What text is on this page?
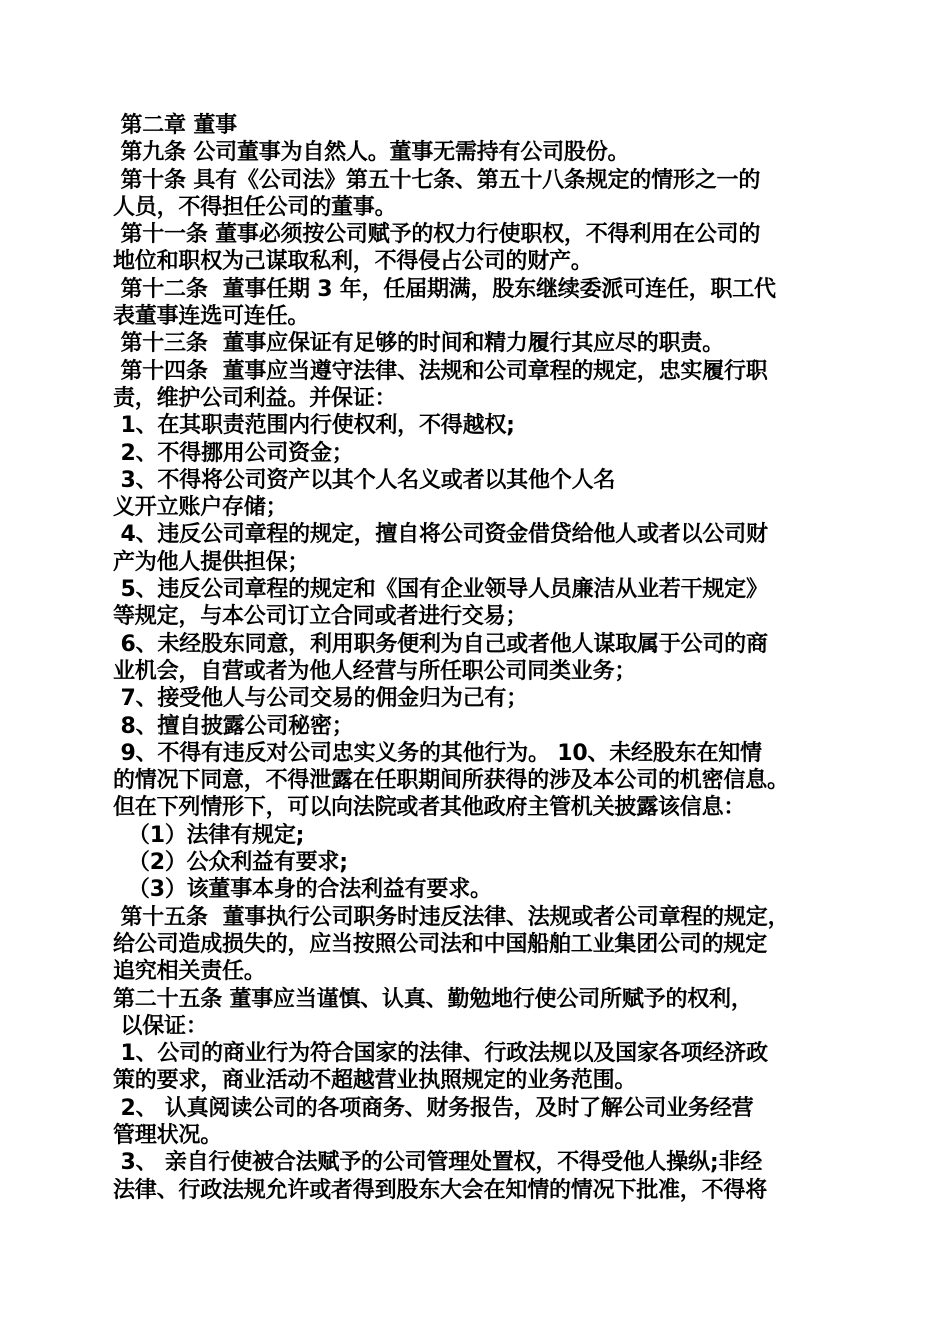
第二章 董事
第九条 公司董事为自然人。董事无需持有公司股份。
第十条 具有《公司法》第五十七条、第五十八条规定的情形之一的
人员，不得担任公司的董事。
第十一条 董事必须按公司赋予的权力行使职权，不得利用在公司的
地位和职权为己谋取私利，不得侵占公司的财产。
第十二条  董事任期 3 年，任届期满，股东继续委派可连任，职工代
表董事连选可连任。
第十三条  董事应保证有足够的时间和精力履行其应尽的职责。
第十四条  董事应当遵守法律、法规和公司章程的规定，忠实履行职
责，维护公司利益。并保证：
1、在其职责范围内行使权利，不得越权;
2、不得挪用公司资金；
3、不得将公司资产以其个人名义或者以其他个人名
义开立账户存储；
4、违反公司章程的规定，擅自将公司资金借贷给他人或者以公司财
产为他人提供担保；
5、违反公司章程的规定和《国有企业领导人员廉洁从业若干规定》
等规定，与本公司订立合同或者进行交易；
6、未经股东同意，利用职务便利为自己或者他人谋取属于公司的商
业机会，自营或者为他人经营与所任职公司同类业务；
7、接受他人与公司交易的佣金归为己有；
8、擅自披露公司秘密；
9、不得有违反对公司忠实义务的其他行为。 10、未经股东在知情
的情况下同意，不得泄露在任职期间所获得的涉及本公司的机密信息。
但在下列情形下，可以向法院或者其他政府主管机关披露该信息：
（1）法律有规定;
（2）公众利益有要求;
（3）该董事本身的合法利益有要求。
第十五条  董事执行公司职务时违反法律、法规或者公司章程的规定，
给公司造成损失的，应当按照公司法和中国船舶工业集团公司的规定
追究相关责任。
第二十五条 董事应当谨慎、认真、勤勉地行使公司所赋予的权利，
以保证：
1、公司的商业行为符合国家的法律、行政法规以及国家各项经济政
策的要求，商业活动不超越营业执照规定的业务范围。
2、 认真阅读公司的各项商务、财务报告，及时了解公司业务经营
管理状况。
3、 亲自行使被合法赋予的公司管理处置权，不得受他人操纵;非经
法律、行政法规允许或者得到股东大会在知情的情况下批准，不得将
